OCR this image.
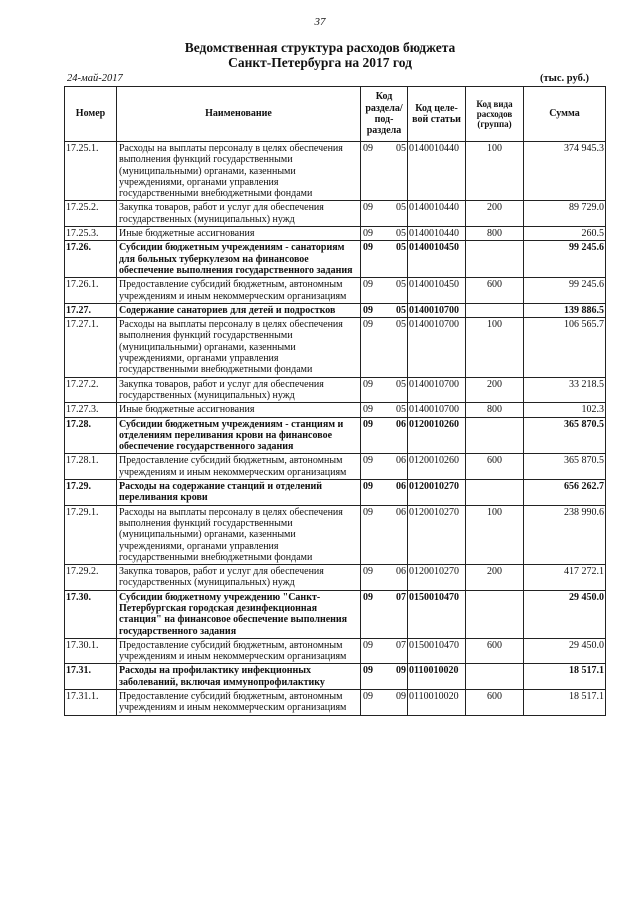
37
Ведомственная структура расходов бюджета
Санкт-Петербурга на 2017 год
24-май-2017	(тыс. руб.)
Номер	Наименование	Код раздела/ под- раздела		Код целе- вой статьи	Код вида расходов (группа)	Сумма
17.25.1.	Расходы на выплаты персоналу в целях обеспечения выполнения функций государственными (муниципальными) органами, казенными учреждениями, органами управления государственными внебюджетными фондами	09	05	0140010440	100	374 945.3
17.25.2.	Закупка товаров, работ и услуг для обеспечения государственных (муниципальных) нужд	09	05	0140010440	200	89 729.0
17.25.3.	Иные бюджетные ассигнования	09	05	0140010440	800	260.5
17.26.	Субсидии бюджетным учреждениям - санаториям для больных туберкулезом на финансовое обеспечение выполнения государственного задания	09	05	0140010450		99 245.6
17.26.1.	Предоставление субсидий бюджетным, автономным учреждениям и иным некоммерческим организациям	09	05	0140010450	600	99 245.6
17.27.	Содержание санаториев для детей и подростков	09	05	0140010700		139 886.5
17.27.1.	Расходы на выплаты персоналу в целях обеспечения выполнения функций государственными (муниципальными) органами, казенными учреждениями, органами управления государственными внебюджетными фондами	09	05	0140010700	100	106 565.7
17.27.2.	Закупка товаров, работ и услуг для обеспечения государственных (муниципальных) нужд	09	05	0140010700	200	33 218.5
17.27.3.	Иные бюджетные ассигнования	09	05	0140010700	800	102.3
17.28.	Субсидии бюджетным учреждениям - станциям и отделениям переливания крови на финансовое обеспечение государственного задания	09	06	0120010260		365 870.5
17.28.1.	Предоставление субсидий бюджетным, автономным учреждениям и иным некоммерческим организациям	09	06	0120010260	600	365 870.5
17.29.	Расходы на содержание станций и отделений переливания крови	09	06	0120010270		656 262.7
17.29.1.	Расходы на выплаты персоналу в целях обеспечения выполнения функций государственными (муниципальными) органами, казенными учреждениями, органами управления государственными внебюджетными фондами	09	06	0120010270	100	238 990.6
17.29.2.	Закупка товаров, работ и услуг для обеспечения государственных (муниципальных) нужд	09	06	0120010270	200	417 272.1
17.30.	Субсидии бюджетному учреждению "Санкт-Петербургская городская дезинфекционная станция" на финансовое обеспечение выполнения государственного задания	09	07	0150010470		29 450.0
17.30.1.	Предоставление субсидий бюджетным, автономным учреждениям и иным некоммерческим организациям	09	07	0150010470	600	29 450.0
17.31.	Расходы на профилактику инфекционных заболеваний, включая иммунопрофилактику	09	09	0110010020		18 517.1
17.31.1.	Предоставление субсидий бюджетным, автономным учреждениям и иным некоммерческим организациям	09	09	0110010020	600	18 517.1
